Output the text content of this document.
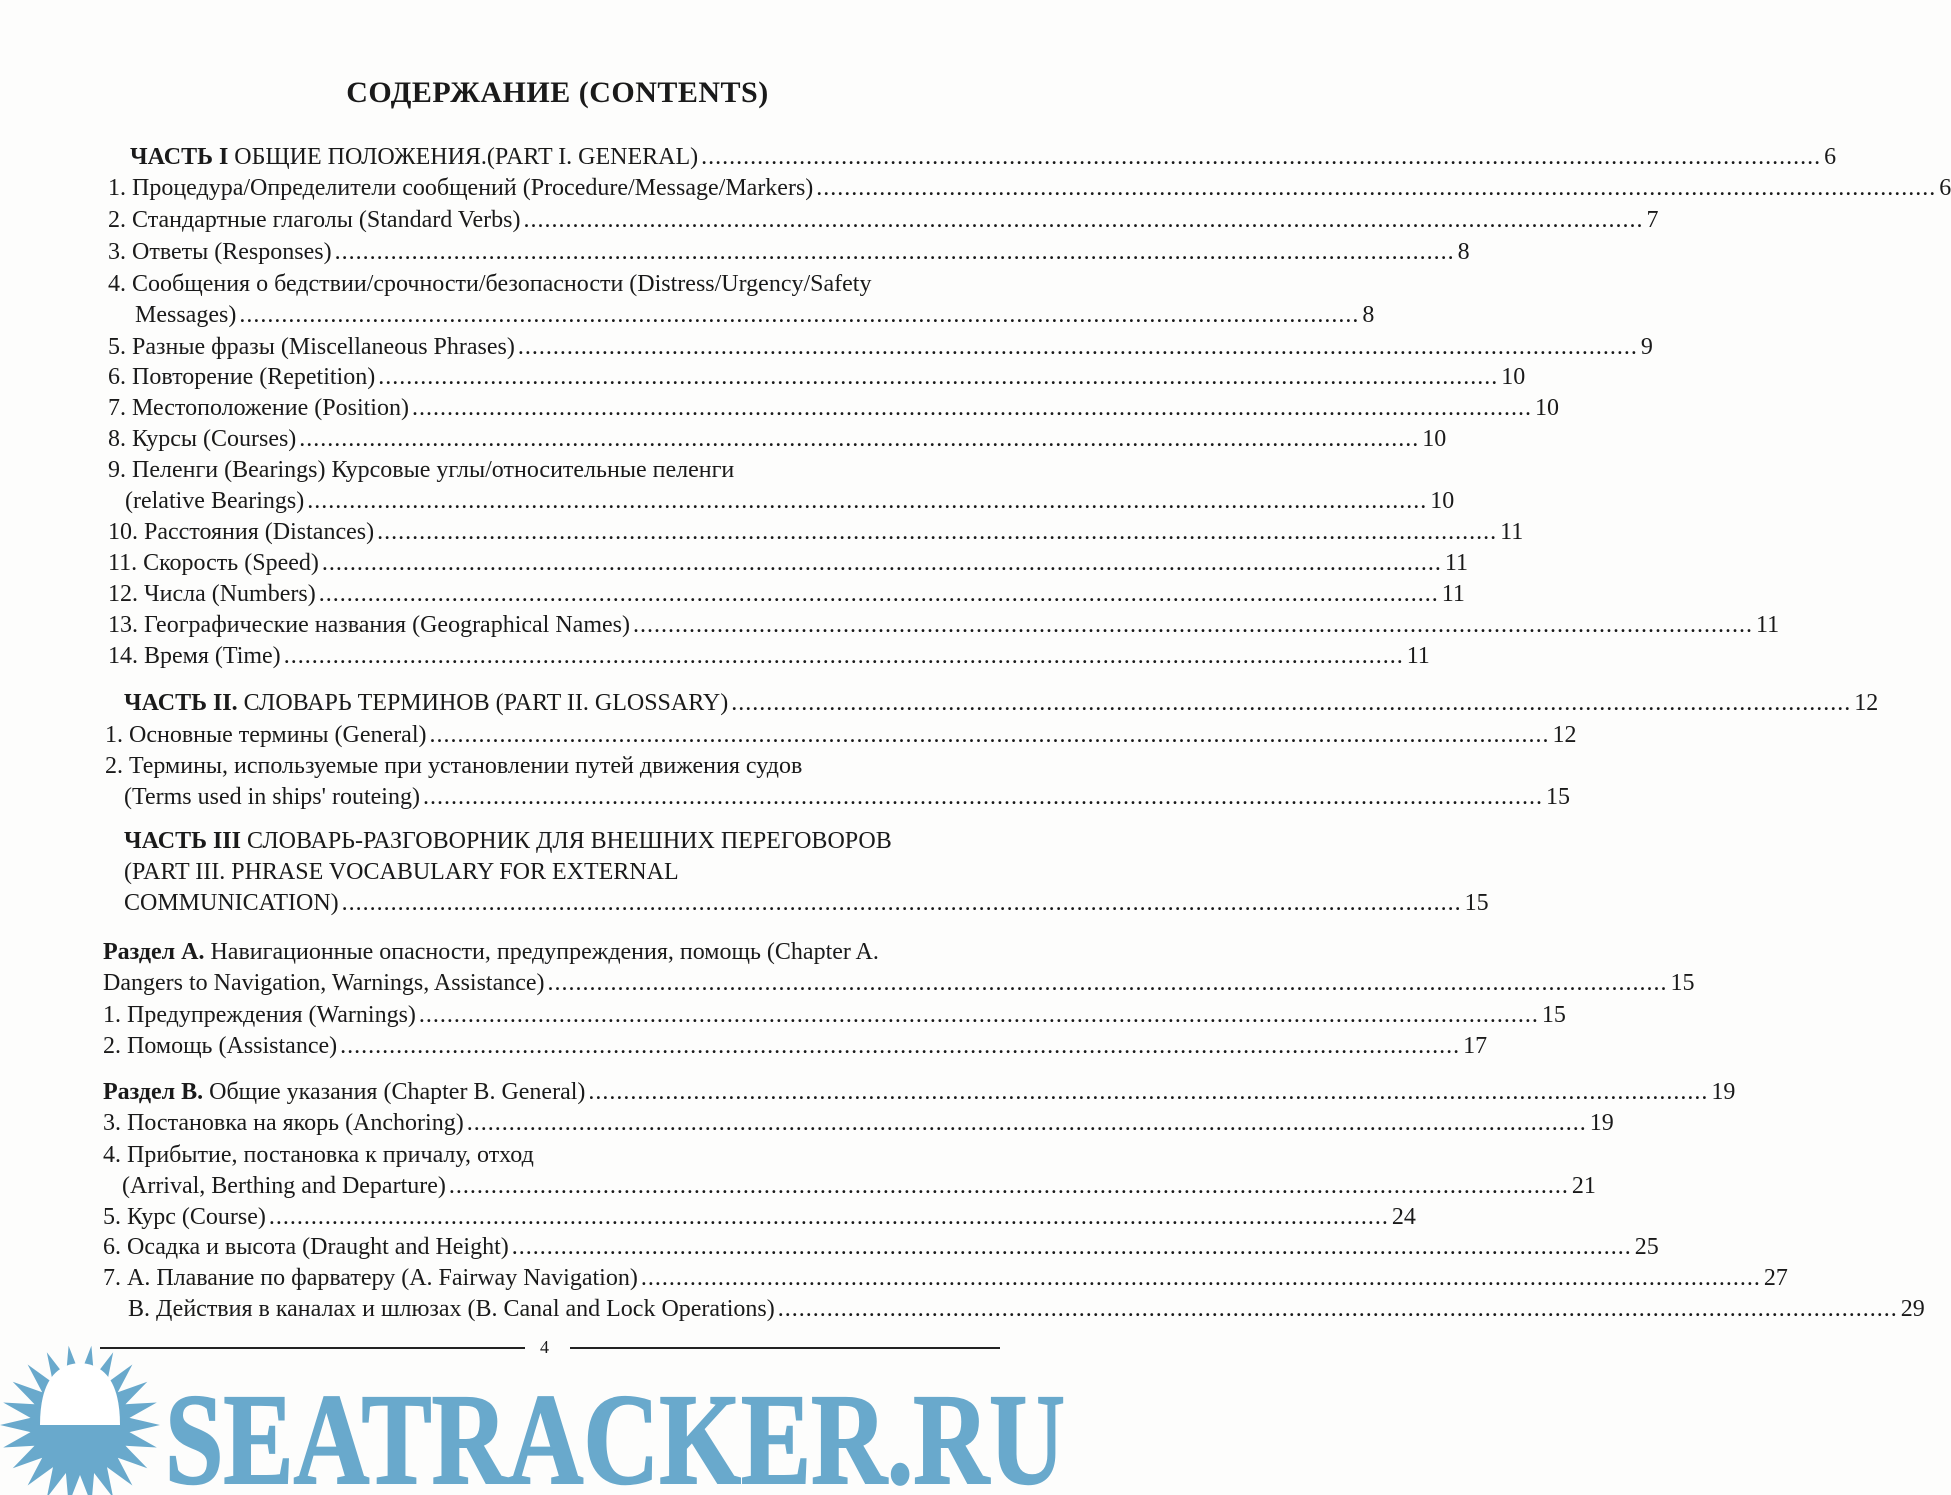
СОДЕРЖАНИЕ (CONTENTS)
ЧАСТЬ I ОБЩИЕ ПОЛОЖЕНИЯ.(PART I. GENERAL) .....	6
1. Процедура/Определители сообщений (Procedure/Message/Markers) .....	6
2. Стандартные глаголы (Standard Verbs) .....	7
3. Ответы (Responses) .....	8
4. Сообщения о бедствии/срочности/безопасности (Distress/Urgency/Safety
Messages) .....	8
5. Разные фразы (Miscellaneous Phrases) .....	9
6. Повторение (Repetition) .....	10
7. Местоположение (Position) .....	10
8. Курсы (Courses) .....	10
9. Пеленги (Bearings) Курсовые углы/относительные пеленги
(relative Bearings) .....	10
10. Расстояния (Distances) .....	11
11. Скорость (Speed) .....	11
12. Числа (Numbers) .....	11
13. Географические названия (Geographical Names) .....	11
14. Время (Time) .....	11
ЧАСТЬ II. СЛОВАРЬ ТЕРМИНОВ (PART II. GLOSSARY) .....	12
1. Основные термины (General) .....	12
2. Термины, используемые при установлении путей движения судов
(Terms used in ships' routeing) .....	15
ЧАСТЬ III СЛОВАРЬ-РАЗГОВОРНИК ДЛЯ ВНЕШНИХ ПЕРЕГОВОРОВ
(PART III. PHRASE VOCABULARY FOR EXTERNAL
COMMUNICATION) .....	15
Раздел А. Навигационные опасности, предупреждения, помощь (Chapter A.
Dangers to Navigation, Warnings, Assistance) .....	15
1. Предупреждения (Warnings) .....	15
2. Помощь (Assistance) .....	17
Раздел В. Общие указания (Chapter B. General) .....	19
3. Постановка на якорь (Anchoring) .....	19
4. Прибытие, постановка к причалу, отход
(Arrival, Berthing and Departure) .....	21
5. Курс (Course) .....	24
6. Осадка и высота (Draught and Height) .....	25
7. А. Плавание по фарватеру (A. Fairway Navigation) .....	27
B. Действия в каналах и шлюзах (B. Canal and Lock Operations) .....	29
SEATRACKER.RU
4
